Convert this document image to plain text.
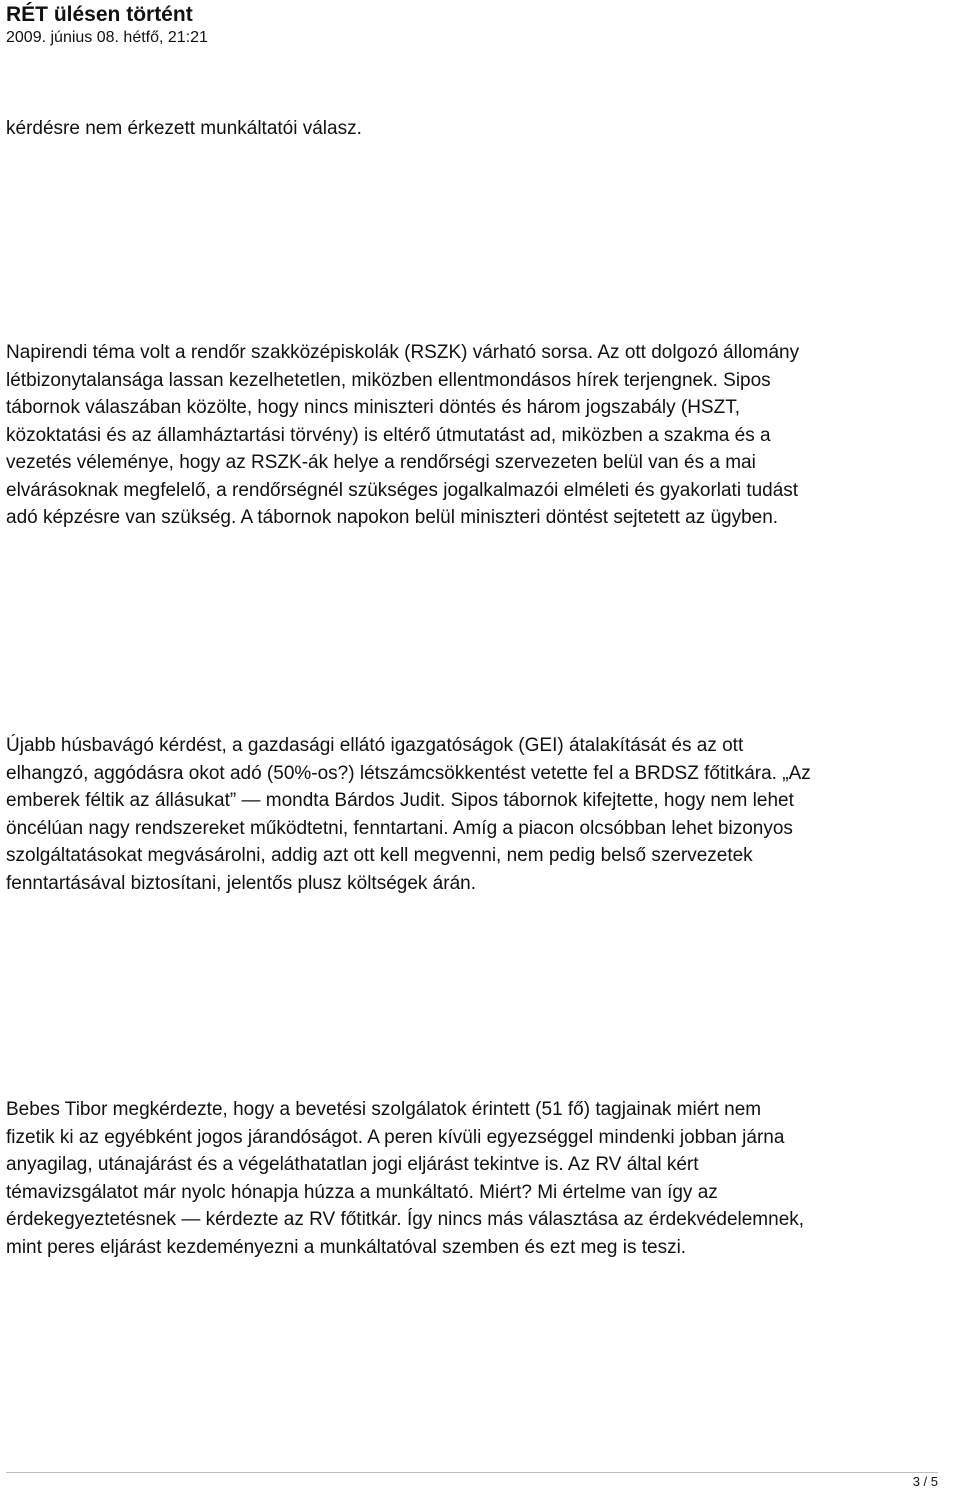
RÉT ülésen történt
2009. június 08. hétfő, 21:21

kérdésre nem érkezett munkáltatói válasz.

Napirendi téma volt a rendőr szakközépiskolák (RSZK) várható sorsa. Az ott dolgozó állomány
létbizonytalansága lassan kezelhetetlen, miközben ellentmondásos hírek terjengnek. Sipos
tábornok válaszában közölte, hogy nincs miniszteri döntés és három jogszabály (HSZT,
közoktatási és az államháztartási törvény) is eltérő útmutatást ad, miközben a szakma és a
vezetés véleménye, hogy az RSZK-ák helye a rendőrségi szervezeten belül van és a mai
elvárásoknak megfelelő, a rendőrségnél szükséges jogalkalmazói elméleti és gyakorlati tudást
adó képzésre van szükség. A tábornok napokon belül miniszteri döntést sejtetett az ügyben.

Újabb húsbavágó kérdést, a gazdasági ellátó igazgatóságok (GEI) átalakítását és az ott
elhangzó, aggódásra okot adó (50%-os?) létszámcsökkentést vetette fel a BRDSZ főtitkára. „Az
emberek féltik az állásukat” — mondta Bárdos Judit. Sipos tábornok kifejtette, hogy nem lehet
öncélúan nagy rendszereket működtetni, fenntartani. Amíg a piacon olcsóbban lehet bizonyos
szolgáltatásokat megvásárolni, addig azt ott kell megvenni, nem pedig belső szervezetek
fenntartásával biztosítani, jelentős plusz költségek árán.

Bebes Tibor megkérdezte, hogy a bevetési szolgálatok érintett (51 fő) tagjainak miért nem
fizetik ki az egyébként jogos járandóságot. A peren kívüli egyezséggel mindenki jobban járna
anyagilag, utánajárást és a végeláthatatlan jogi eljárást tekintve is. Az RV által kért
témavizsgálatot már nyolc hónapja húzza a munkáltató. Miért? Mi értelme van így az
érdekegyeztetésnek — kérdezte az RV főtitkár. Így nincs más választása az érdekvédelemnek,
mint peres eljárást kezdeményezni a munkáltatóval szemben és ezt meg is teszi.

3 / 5
